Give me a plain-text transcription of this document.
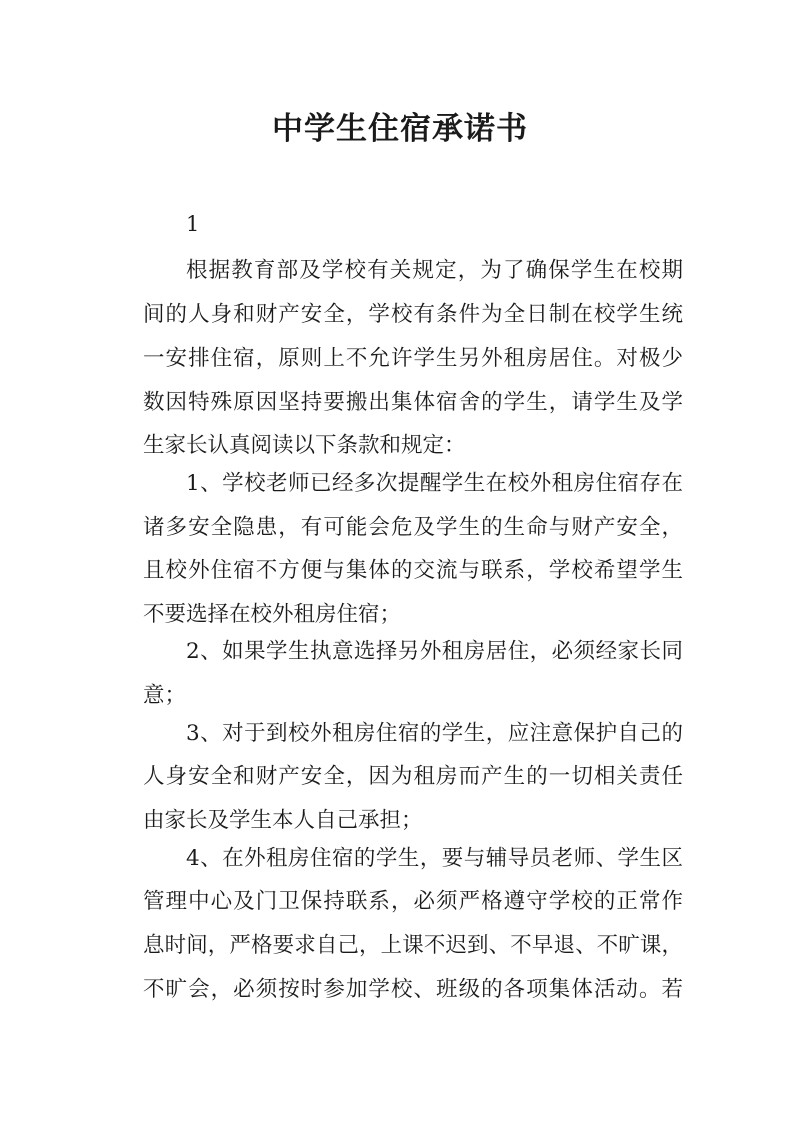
中学生住宿承诺书
1
根据教育部及学校有关规定，为了确保学生在校期
间的人身和财产安全，学校有条件为全日制在校学生统
一安排住宿，原则上不允许学生另外租房居住。对极少
数因特殊原因坚持要搬出集体宿舍的学生，请学生及学
生家长认真阅读以下条款和规定：
1、学校老师已经多次提醒学生在校外租房住宿存在
诸多安全隐患，有可能会危及学生的生命与财产安全，
且校外住宿不方便与集体的交流与联系，学校希望学生
不要选择在校外租房住宿；
2、如果学生执意选择另外租房居住，必须经家长同
意；
3、对于到校外租房住宿的学生，应注意保护自己的
人身安全和财产安全，因为租房而产生的一切相关责任
由家长及学生本人自己承担；
4、在外租房住宿的学生，要与辅导员老师、学生区
管理中心及门卫保持联系，必须严格遵守学校的正常作
息时间，严格要求自己，上课不迟到、不早退、不旷课，
不旷会，必须按时参加学校、班级的各项集体活动。若
